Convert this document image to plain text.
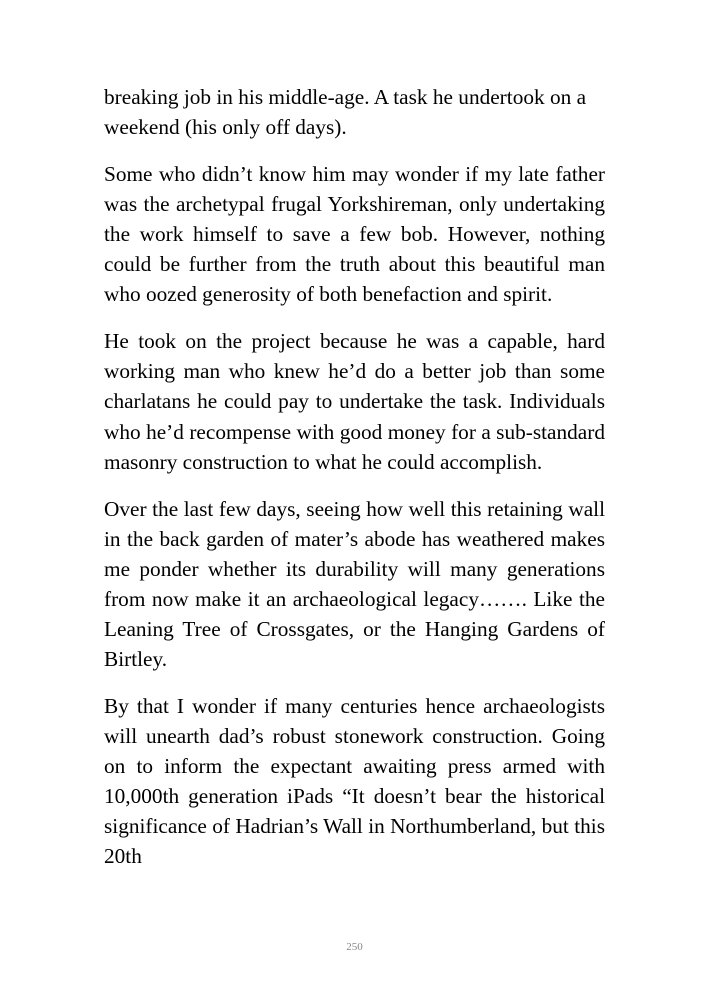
breaking job in his middle-age. A task he undertook on a weekend (his only off days).

Some who didn’t know him may wonder if my late father was the archetypal frugal Yorkshireman, only undertaking the work himself to save a few bob. However, nothing could be further from the truth about this beautiful man who oozed generosity of both benefaction and spirit.

He took on the project because he was a capable, hard working man who knew he’d do a better job than some charlatans he could pay to undertake the task. Individuals who he’d recompense with good money for a sub-standard masonry construction to what he could accomplish.

Over the last few days, seeing how well this retaining wall in the back garden of mater’s abode has weathered makes me ponder whether its durability will many generations from now make it an archaeological legacy……. Like the Leaning Tree of Crossgates, or the Hanging Gardens of Birtley.

By that I wonder if many centuries hence archaeologists will unearth dad’s robust stonework construction. Going on to inform the expectant awaiting press armed with 10,000th generation iPads “It doesn’t bear the historical significance of Hadrian’s Wall in Northumberland, but this 20th

250
